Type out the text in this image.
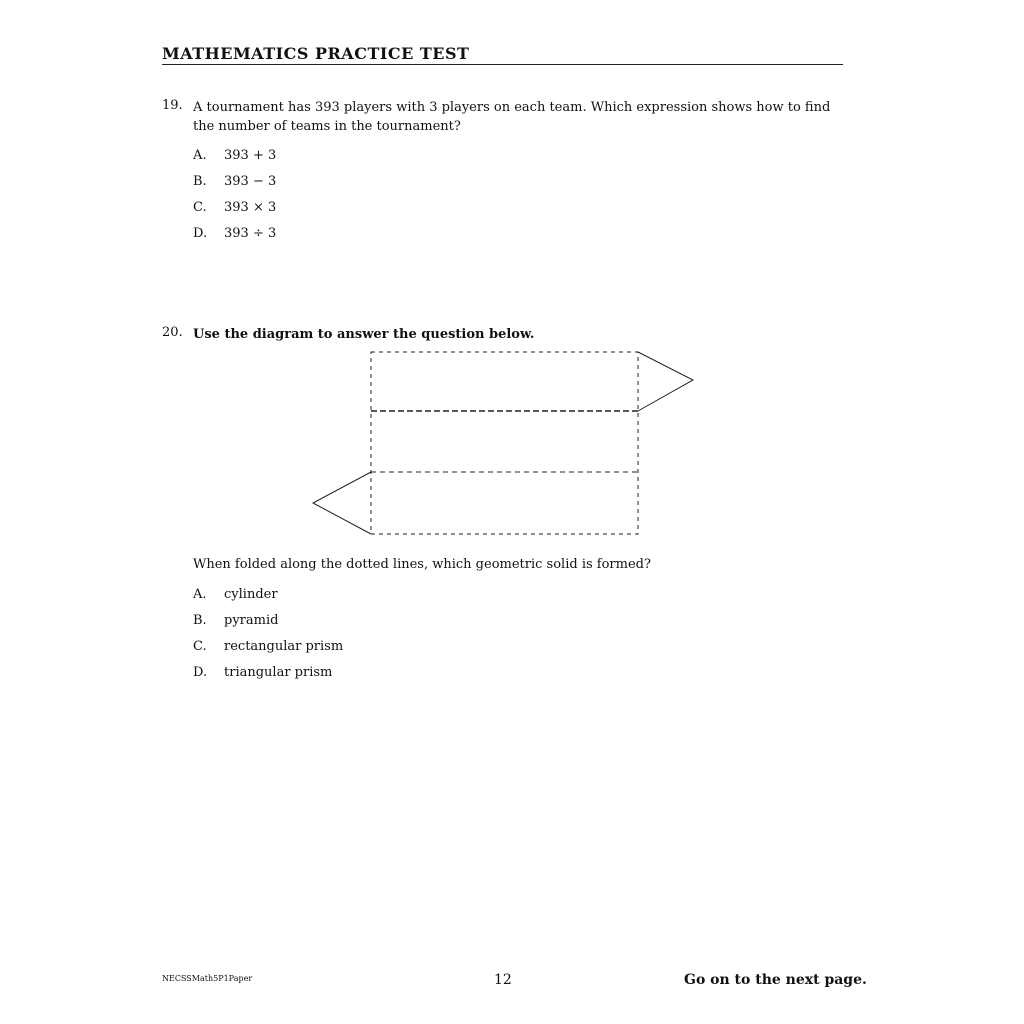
MATHEMATICS PRACTICE TEST
19. A tournament has 393 players with 3 players on each team. Which expression shows how to find the number of teams in the tournament?
A. 393 + 3
B. 393 − 3
C. 393 × 3
D. 393 ÷ 3
20. Use the diagram to answer the question below.
When folded along the dotted lines, which geometric solid is formed?
A. cylinder
B. pyramid
C. rectangular prism
D. triangular prism
NECSSMath5P1Paper	12	Go on to the next page.
